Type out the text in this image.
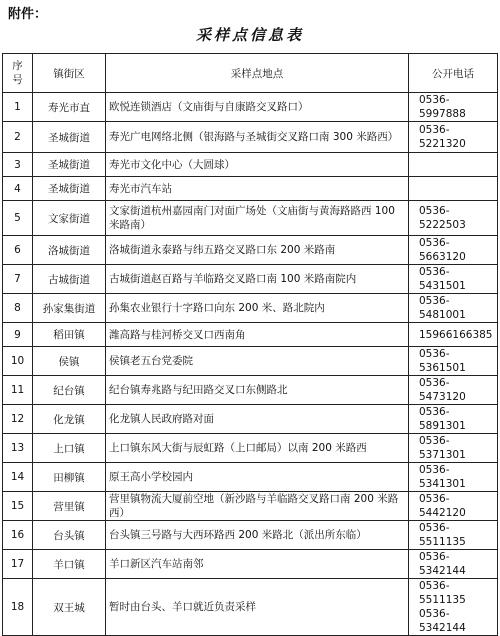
附件：
采样点信息表
序号	镇街区	采样点地点	公开电话
1	寿光市直	欧悦连锁酒店（文庙街与自康路交叉路口）	0536-5997888

2	圣城街道	寿光广电网络北侧（银海路与圣城街交叉路口南 300 米路西）	0536-5221320

3	圣城街道	寿光市文化中心（大圆球）	
4	圣城街道	寿光市汽车站	
5	文家街道	文家街道杭州嘉园南门对面广场处（文庙街与黄海路路西 100 米路南）	0536-5222503

6	洛城街道	洛城街道永泰路与纬五路交叉路口东 200 米路南	0536-5663120

7	古城街道	古城街道赵百路与羊临路交叉路口南 100 米路南院内	0536-5431501

8	孙家集街道	孙集农业银行十字路口向东 200 米、路北院内	0536-5481001

9	稻田镇	潍高路与桂河桥交叉口西南角	15966166385

10	侯镇	侯镇老五台党委院	0536-5361501

11	纪台镇	纪台镇寿兆路与纪田路交叉口东侧路北	0536-5473120

12	化龙镇	化龙镇人民政府路对面	0536-5891301

13	上口镇	上口镇东风大街与辰虹路（上口邮局）以南 200 米路西	0536-5371301

14	田柳镇	原王高小学校园内	0536-5341301

15	营里镇	营里镇物流大厦前空地（新沙路与羊临路交叉路口南 200 米路西）	0536-5442120

16	台头镇	台头镇三号路与大西环路西 200 米路北（派出所东临）	0536-5511135

17	羊口镇	羊口新区汽车站南邻	0536-5342144

18	双王城	暂时由台头、羊口就近负责采样	0536-5511135
0536-5342144
